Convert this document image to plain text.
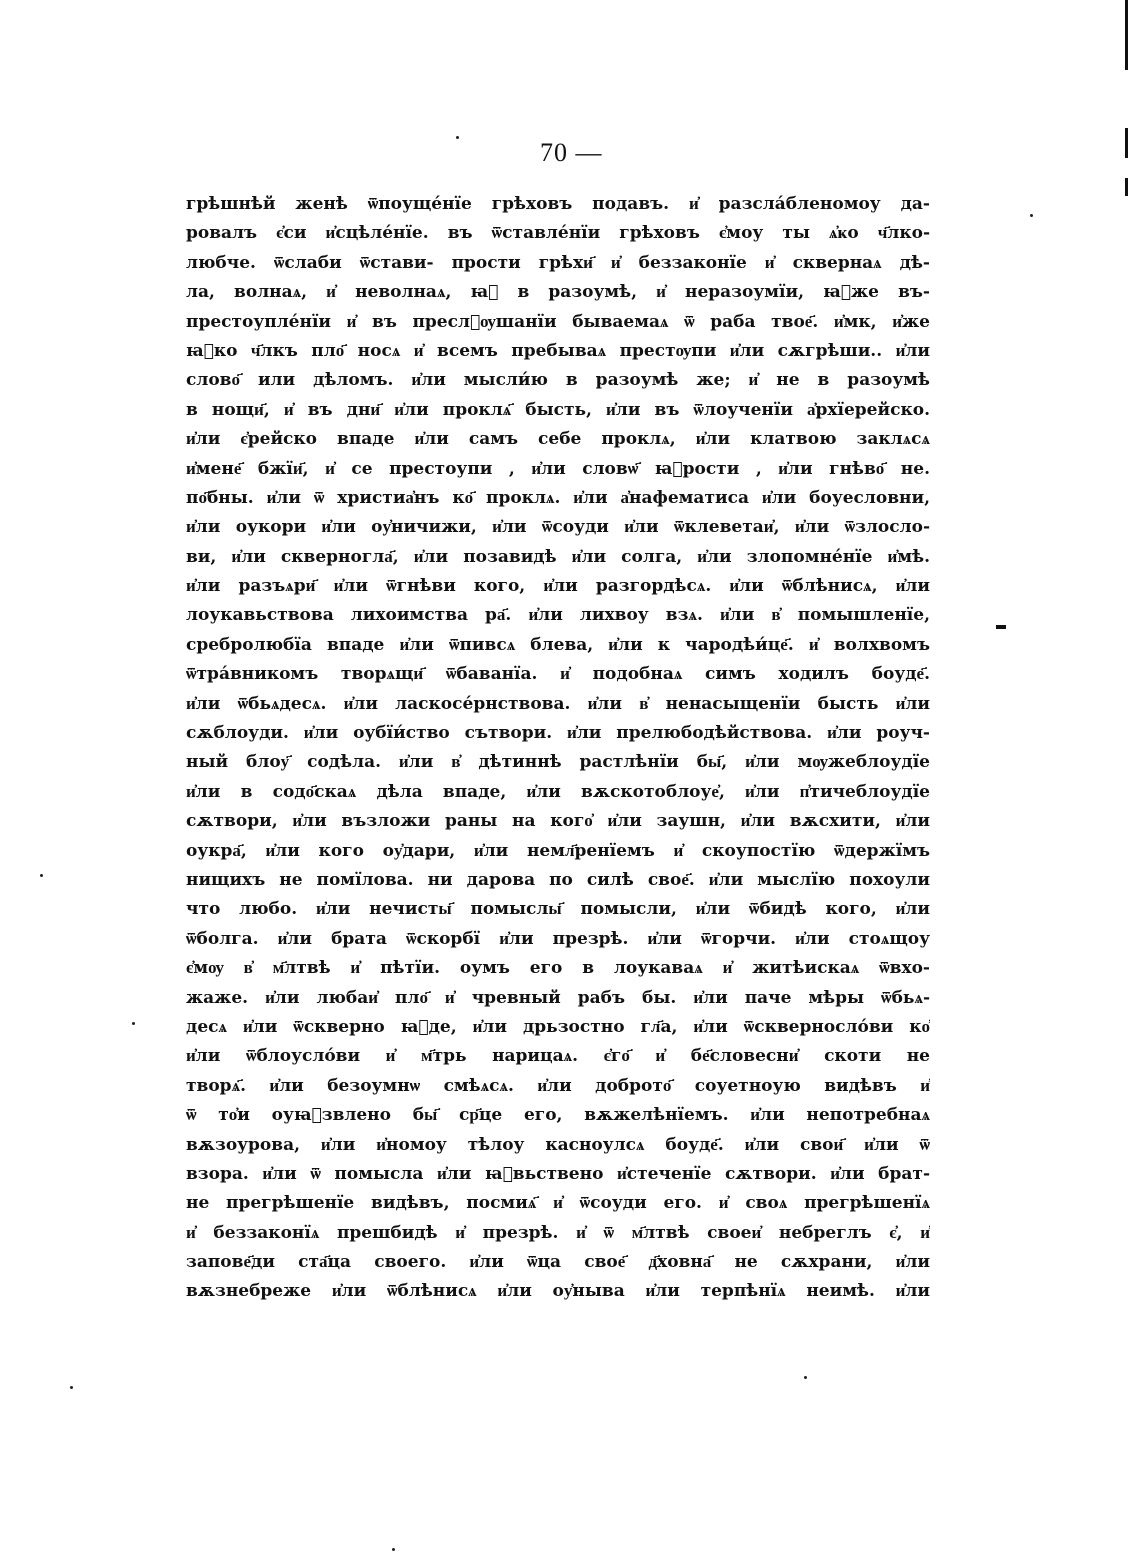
70 —
грѣшнѣй женѣ ѿпоуще́нїе грѣховъ подавъ. и҆ разсла́бленомоу да-
ровалъ є҆си и҆сцѣле́нїе. въ ѿставле́нїи грѣховъ є҆моу ты ѧ҆ҝо ч҃лко-
любче. ѿслаби ѿстави- прости грѣхи҃ и҆ беззаконїе и҆ сквернаѧ дѣ-
ла, волнаѧ, и҆ неволнаѧ, ꙗ҆ в разоумѣ, и҆ неразоумїи, ꙗ҆же въ-
престоупле́нїи и҆ въ пресл꙯ѹшанїи бываемаѧ ѿ раба твое҃. и҆мк, и҆же
ꙗ҆ко ч҃лкъ пло҃ носѧ и҆ всемъ пребываѧ престѹпи и҆ли сѫгрѣши.. и҆ли
слово҃ или дѣломъ. и҆ли мысли́ю в разоумѣ же; и҆ не в разоумѣ
в нощи҃, и҆ въ дни҃ и҆ли проклѧ҃ бысть, и҆ли въ ѿлоученїи а҆рхїерейско.
и҆ли є҆рейско впаде и҆ли самъ себе проклѧ, и҆ли клатвою заклѧсѧ
и҆мене҃ бжїи҃, и҆ се престоупи , и҆ли словѡ҃ ꙗ҆рости , и҆ли гнѣво҃ не.
по҃бны. и҆ли ѿ христиа҆нъ ко҃ проклѧ. и҆ли а҆нафематиса и҆ли боуесловни,
и҆ли оукори и҆ли оу҆ничижи, и҆ли ѿсоуди и҆ли ѿклеветаи҆, и҆ли ѿзлосло-
ви, и҆ли скверногла҃, и҆ли позавидѣ и҆ли солга, и҆ли злопомне́нїе и҆мѣ.
и҆ли разъѧри҃ и҆ли ѿгнѣви кого, и҆ли разгордѣсѧ. и҆ли ѿблѣнисѧ, и҆ли
лоукавьствова лихоимства ра҃. и҆ли лихвоу взѧ. и҆ли в҆ помышленїе,
сребролюбїа впаде и҆ли ѿпивсѧ блева, и҆ли к чародѣи́це҃. и҆ волхвомъ
ѿтра́вникомъ творѧщи҃ ѿбаванїа. и҆ подобнаѧ симъ ходилъ боуде҃.
и҆ли ѿбьѧдесѧ. и҆ли ласкосе́рнствова. и҆ли в҆ ненасыщенїи бысть и҆ли
сѫблоуди. и҆ли оубїи́ство сътвори. и҆ли прелюбодѣйствова. и҆ли роуч-
ный блоу҃ содѣла. и҆ли в҆ дѣтиннѣ растлѣнїи бы҃, и҆ли мѹжеблоудїе
и҆ли в содо҃скаѧ дѣла впаде, и҆ли вѫскотоблоуе҆, и҆ли п҆тичеблоудїе
сѫтвори, и҆ли възложи раны на кого҆ и҆ли заушн, и҆ли вѫсхити, и҆ли
оукра҃, и҆ли кого оу҆дари, и҆ли немл҃ренїемъ и҆ скоупостїю ѿдержїмъ
нищихъ не помїлова. ни дарова по силѣ свое҃. и҆ли мыслїю похоули
что любо. и҆ли нечисты҃ помыслы҃ помысли, и҆ли ѿбидѣ кого, и҆ли
ѿболга. и҆ли брата ѿскорбї и҆ли презрѣ. и҆ли ѿгорчи. и҆ли стоѧщоу
є҆мѹ в҆ м҃лтвѣ и҆ пѣтїи. оумъ его в лоукаваѧ и҆ житѣискаѧ ѿвхо-
жаже. и҆ли любаи҆ пло҃ и҆ чревный рабъ бы. и҆ли паче мѣры ѿбьѧ-
десѧ и҆ли ѿскверно ꙗ҆де, и҆ли дрьзостно гл҃а, и҆ли ѿскверносло́ви ко҆
и҆ли ѿблоусло́ви и҆ м҃трь нарицаѧ. є҆го҃ и҆ бе҃словесни҆ скоти не
творѧ҃. и҆ли безоумнѡ смѣѧсѧ. и҆ли доброто҃ соуетноую видѣвъ и҆
ѿ то҆и оуꙗ҆звлено бы҃ ср҃це его, вѫжелѣнїемъ. и҆ли непотребнаѧ
вѫзоурова, и҆ли и҆номоу тѣлоу касноулсѧ боуде҃. и҆ли свои҃ и҆ли ѿ
взора. и҆ли ѿ помысла и҆ли ꙗ҆вьствено и҆стеченїе сѫтвори. и҆ли брат-
не прегрѣшенїе видѣвъ, посмиѧ҃ и҆ ѿсоуди его. и҆ своѧ прегрѣшенїѧ
и҆ беззаконїѧ прешбидѣ и҆ презрѣ. и҆ ѿ м҃лтвѣ своеи҆ небреглъ є҆, и҆
запове҃ди ста҃ца своего. и҆ли ѿца свое҃ д҃ховна҃ не сѫхрани, и҆ли
вѫзнебреже и҆ли ѿблѣнисѧ и҆ли оу҆ныва и҆ли терпѣнїѧ неимѣ. и҆ли
